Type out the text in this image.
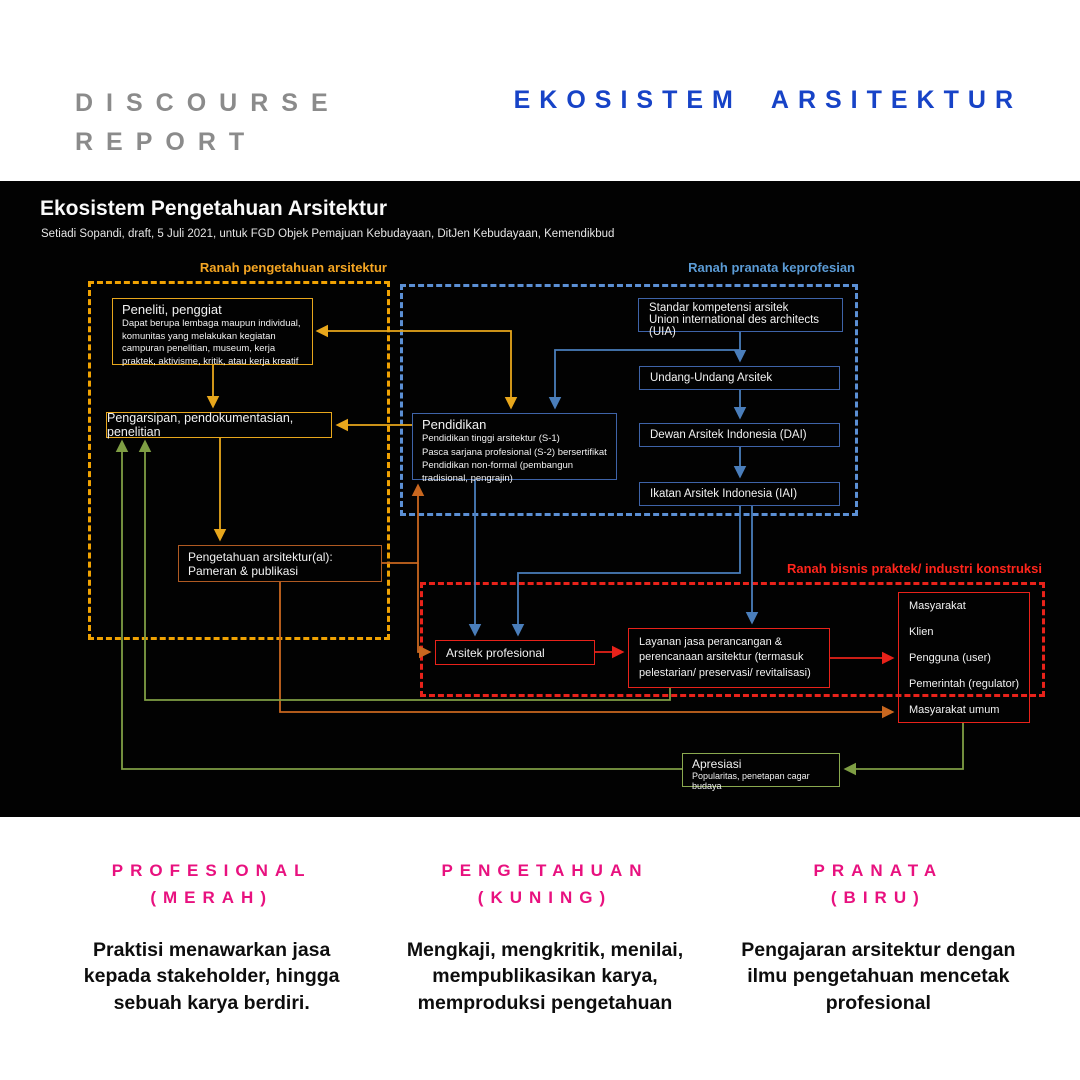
DISCOURSE
REPORT
EKOSISTEM ARSITEKTUR
Ekosistem Pengetahuan Arsitektur
Setiadi Sopandi, draft, 5 Juli 2021, untuk FGD Objek Pemajuan Kebudayaan, DitJen Kebudayaan, Kemendikbud
Ranah pengetahuan arsitektur	Ranah pranata keprofesian
Ranah bisnis praktek/ industri konstruksi
Peneliti, penggiat
Dapat berupa lembaga maupun individual, komunitas yang melakukan kegiatan campuran penelitian, museum, kerja praktek, aktivisme, kritik, atau kerja kreatif
Pengarsipan, pendokumentasian, penelitian
Pengetahuan arsitektur(al):
Pameran & publikasi
Pendidikan
Pendidikan tinggi arsitektur (S-1)
Pasca sarjana profesional (S-2) bersertifikat
Pendidikan non-formal (pembangun tradisional, pengrajin)
Standar kompetensi arsitek
Union international des architects (UIA)
Undang-Undang Arsitek
Dewan Arsitek Indonesia (DAI)
Ikatan Arsitek Indonesia (IAI)
Arsitek profesional
Layanan jasa perancangan & perencanaan arsitektur (termasuk pelestarian/ preservasi/ revitalisasi)
Masyarakat
Klien
Pengguna (user)
Pemerintah (regulator)
Masyarakat umum
Apresiasi
Popularitas, penetapan cagar budaya
PROFESIONAL
(MERAH)
Praktisi menawarkan jasa kepada stakeholder, hingga sebuah karya berdiri.
PENGETAHUAN
(KUNING)
Mengkaji, mengkritik, menilai, mempublikasikan karya, memproduksi pengetahuan
PRANATA
(BIRU)
Pengajaran arsitektur dengan ilmu pengetahuan mencetak profesional
